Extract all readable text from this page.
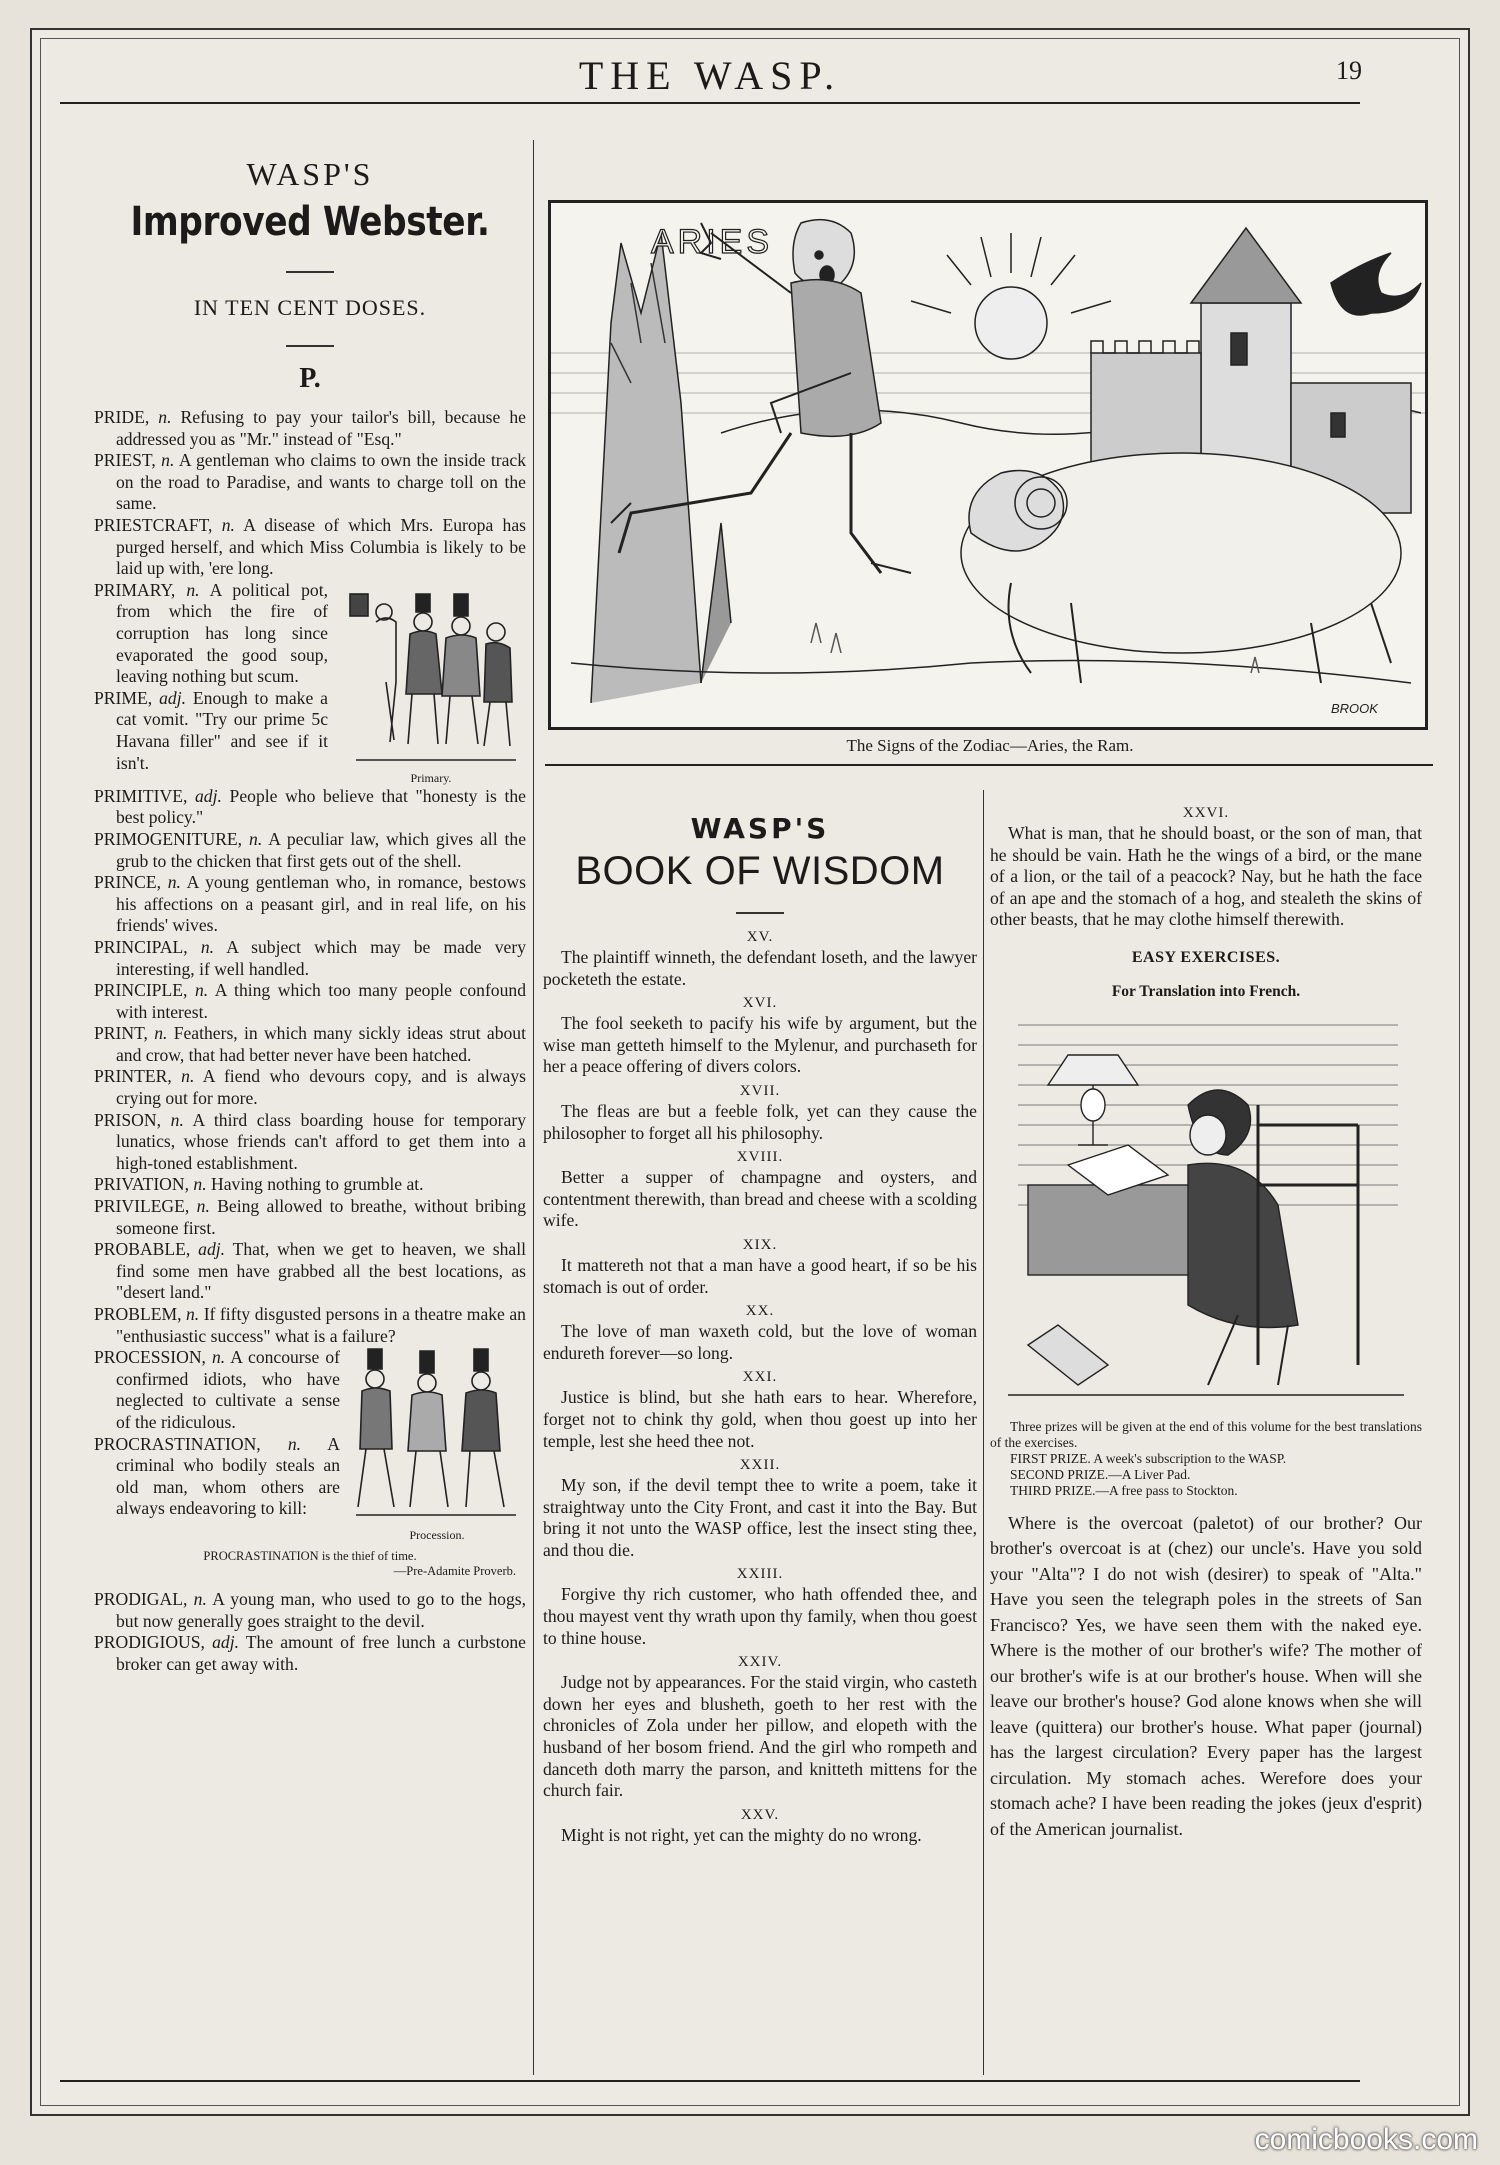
THE WASP.	19
WASP'S
Improved Webster.
IN TEN CENT DOSES.
P.

PRIDE, n. Refusing to pay your tailor's bill, because he addressed you as "Mr." instead of "Esq."

PRIEST, n. A gentleman who claims to own the inside track on the road to Paradise, and wants to charge toll on the same.

PRIESTCRAFT, n. A disease of which Mrs. Europa has purged herself, and which Miss Columbia is likely to be laid up with, 'ere long.

Primary.

PRIMARY, n. A political pot, from which the fire of corruption has long since evaporated the good soup, leaving nothing but scum.

PRIME, adj. Enough to make a cat vomit. "Try our prime 5c Havana filler" and see if it isn't.

PRIMITIVE, adj. People who believe that "honesty is the best policy."

PRIMOGENITURE, n. A peculiar law, which gives all the grub to the chicken that first gets out of the shell.

PRINCE, n. A young gentleman who, in romance, bestows his affections on a peasant girl, and in real life, on his friends' wives.

PRINCIPAL, n. A subject which may be made very interesting, if well handled.

PRINCIPLE, n. A thing which too many people confound with interest.

PRINT, n. Feathers, in which many sickly ideas strut about and crow, that had better never have been hatched.

PRINTER, n. A fiend who devours copy, and is always crying out for more.

PRISON, n. A third class boarding house for temporary lunatics, whose friends can't afford to get them into a high-toned establishment.

PRIVATION, n. Having nothing to grumble at.

PRIVILEGE, n. Being allowed to breathe, without bribing someone first.

PROBABLE, adj. That, when we get to heaven, we shall find some men have grabbed all the best locations, as "desert land."

PROBLEM, n. If fifty disgusted persons in a theatre make an "enthusiastic success" what is a failure?

Procession.

PROCESSION, n. A concourse of confirmed idiots, who have neglected to cultivate a sense of the ridiculous.

PROCRASTINATION, n. A criminal who bodily steals an old man, whom others are always endeavoring to kill:

PROCRASTINATION is the thief of time.
—Pre-Adamite Proverb.

PRODIGAL, n. A young man, who used to go to the hogs, but now generally goes straight to the devil.

PRODIGIOUS, adj. The amount of free lunch a curbstone broker can get away with.

ARIES
BROOK
The Signs of the Zodiac—Aries, the Ram.
WASP'S
BOOK OF WISDOM
XV.

The plaintiff winneth, the defendant loseth, and the lawyer pocketeth the estate.

XVI.

The fool seeketh to pacify his wife by argument, but the wise man getteth himself to the Mylenur, and purchaseth for her a peace offering of divers colors.

XVII.

The fleas are but a feeble folk, yet can they cause the philosopher to forget all his philosophy.

XVIII.

Better a supper of champagne and oysters, and contentment therewith, than bread and cheese with a scolding wife.

XIX.

It mattereth not that a man have a good heart, if so be his stomach is out of order.

XX.

The love of man waxeth cold, but the love of woman endureth forever—so long.

XXI.

Justice is blind, but she hath ears to hear. Wherefore, forget not to chink thy gold, when thou goest up into her temple, lest she heed thee not.

XXII.

My son, if the devil tempt thee to write a poem, take it straightway unto the City Front, and cast it into the Bay. But bring it not unto the WASP office, lest the insect sting thee, and thou die.

XXIII.

Forgive thy rich customer, who hath offended thee, and thou mayest vent thy wrath upon thy family, when thou goest to thine house.

XXIV.

Judge not by appearances. For the staid virgin, who casteth down her eyes and blusheth, goeth to her rest with the chronicles of Zola under her pillow, and elopeth with the husband of her bosom friend. And the girl who rompeth and danceth doth marry the parson, and knitteth mittens for the church fair.

XXV.

Might is not right, yet can the mighty do no wrong.

XXVI.

What is man, that he should boast, or the son of man, that he should be vain. Hath he the wings of a bird, or the mane of a lion, or the tail of a peacock? Nay, but he hath the face of an ape and the stomach of a hog, and stealeth the skins of other beasts, that he may clothe himself therewith.

EASY EXERCISES.
For Translation into French.
Three prizes will be given at the end of this volume for the best translations of the exercises.
FIRST PRIZE. A week's subscription to the WASP.
SECOND PRIZE.—A Liver Pad.
THIRD PRIZE.—A free pass to Stockton.

Where is the overcoat (paletot) of our brother? Our brother's overcoat is at (chez) our uncle's. Have you sold your "Alta"? I do not wish (desirer) to speak of "Alta." Have you seen the telegraph poles in the streets of San Francisco? Yes, we have seen them with the naked eye. Where is the mother of our brother's wife? The mother of our brother's wife is at our brother's house. When will she leave our brother's house? God alone knows when she will leave (quittera) our brother's house. What paper (journal) has the largest circulation? Every paper has the largest circulation. My stomach aches. Werefore does your stomach ache? I have been reading the jokes (jeux d'esprit) of the American journalist.

comicbooks.com
